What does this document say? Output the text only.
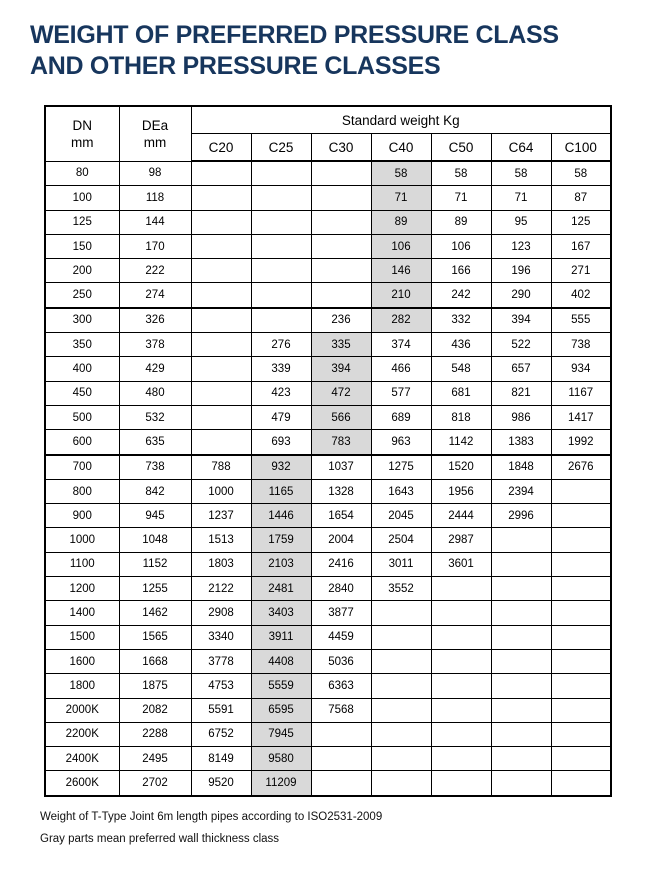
WEIGHT OF PREFERRED PRESSURE CLASS
AND OTHER PRESSURE CLASSES
DN
mm	DEa
mm	Standard weight Kg						
		C20	C25	C30	C40	C50	C64	C100
80	98				58	58	58	58
100	118				71	71	71	87
125	144				89	89	95	125
150	170				106	106	123	167
200	222				146	166	196	271
250	274				210	242	290	402
300	326			236	282	332	394	555
350	378		276	335	374	436	522	738
400	429		339	394	466	548	657	934
450	480		423	472	577	681	821	1167
500	532		479	566	689	818	986	1417
600	635		693	783	963	1142	1383	1992
700	738	788	932	1037	1275	1520	1848	2676
800	842	1000	1165	1328	1643	1956	2394	
900	945	1237	1446	1654	2045	2444	2996	
1000	1048	1513	1759	2004	2504	2987		
1100	1152	1803	2103	2416	3011	3601		
1200	1255	2122	2481	2840	3552			
1400	1462	2908	3403	3877				
1500	1565	3340	3911	4459				
1600	1668	3778	4408	5036				
1800	1875	4753	5559	6363				
2000K	2082	5591	6595	7568				
2200K	2288	6752	7945					
2400K	2495	8149	9580					
2600K	2702	9520	11209					
Weight of T-Type Joint 6m length pipes according to ISO2531-2009
Gray parts mean preferred wall thickness class
